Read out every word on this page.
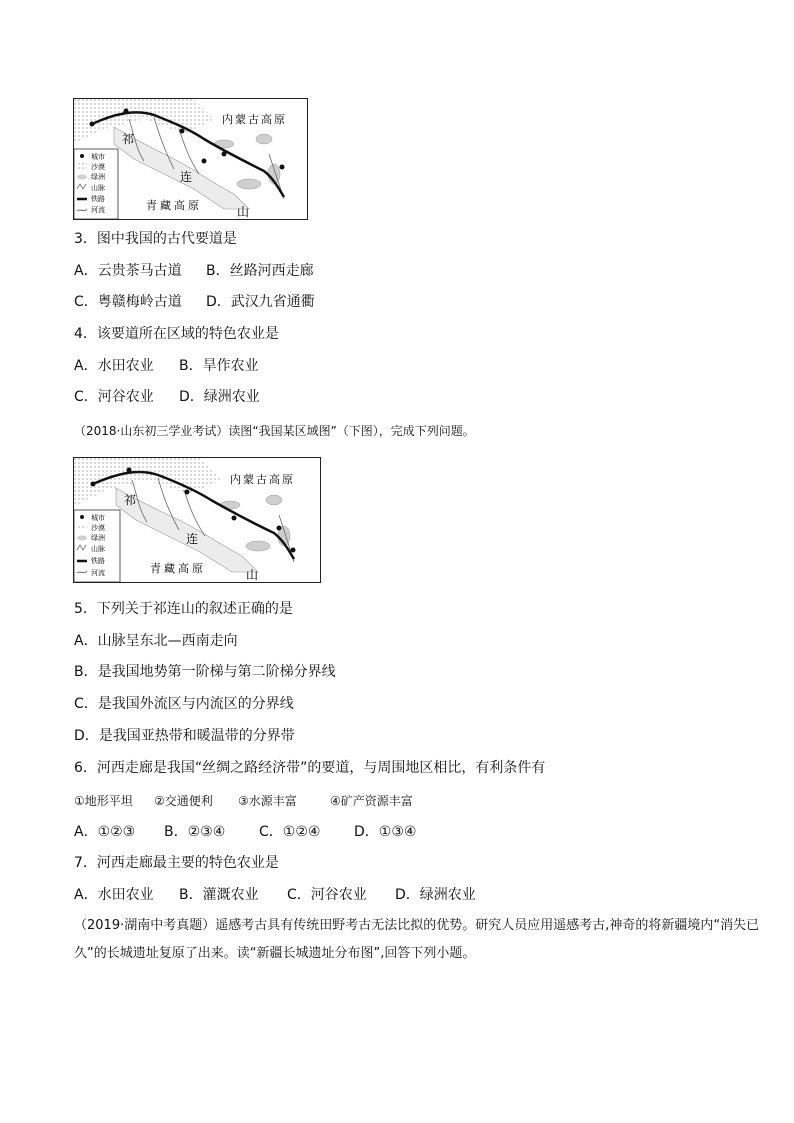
内蒙古高原
青藏高原
祁
连
山
城市
沙漠
绿洲
山脉
铁路
河流
3．图中我国的古代要道是
A．云贵茶马古道 B．丝路河西走廊
C．粤赣梅岭古道 D．武汉九省通衢
4．该要道所在区域的特色农业是
A．水田农业 B．旱作农业
C．河谷农业 D．绿洲农业
（2018·山东初三学业考试）读图“我国某区域图”（下图），完成下列问题。
内蒙古高原
青藏高原
祁
连
山
城市
沙漠
绿洲
山脉
铁路
河流
5．下列关于祁连山的叙述正确的是
A．山脉呈东北—西南走向
B．是我国地势第一阶梯与第二阶梯分界线
C．是我国外流区与内流区的分界线
D．是我国亚热带和暖温带的分界带
6．河西走廊是我国“丝绸之路经济带”的要道，与周围地区相比，有利条件有
①地形平坦 ②交通便利 ③水源丰富	④矿产资源丰富
A．①②③ B．②③④ C．①②④ D．①③④
7．河西走廊最主要的特色农业是
A．水田农业 B．灌溉农业 C．河谷农业 D．绿洲农业
（2019·湖南中考真题）遥感考古具有传统田野考古无法比拟的优势。研究人员应用遥感考古,神奇的将新疆境内“消失已久”的长城遗址复原了出来。读“新疆长城遗址分布图”,回答下列小题。
